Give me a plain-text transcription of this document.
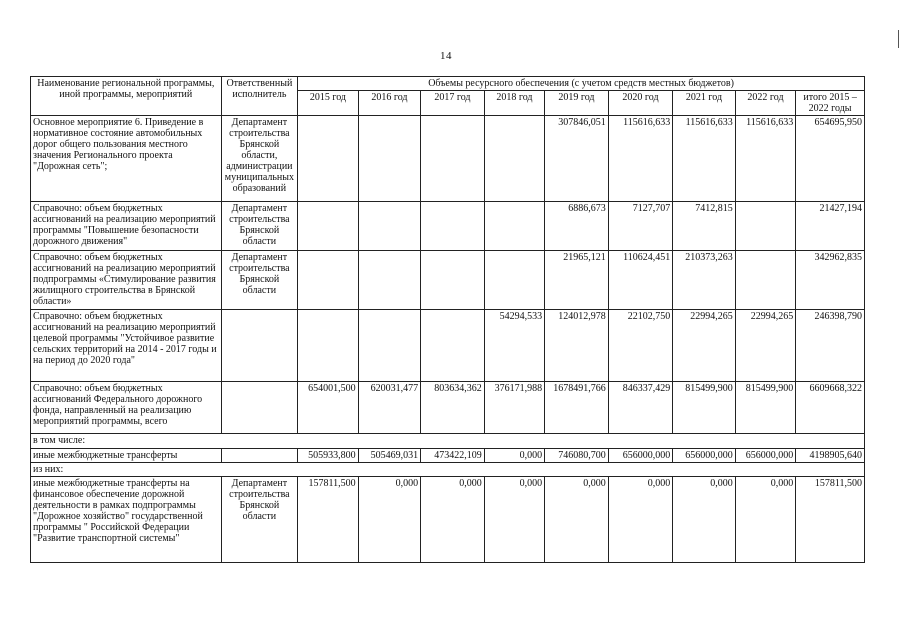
14
Наименование региональной программы, иной программы, мероприятий	Ответственный исполнитель	Объемы ресурсного обеспечения (с учетом средств местных бюджетов)								
		2015 год	2016 год	2017 год	2018 год	2019 год	2020 год	2021 год	2022 год	итого 2015 – 2022 годы
Основное мероприятие 6. Приведение в нормативное состояние автомобильных дорог общего пользования местного значения Регионального проекта "Дорожная сеть";	Департамент строительства Брянской области, администрации муниципальных образований					307846,051	115616,633	115616,633	115616,633	654695,950
Справочно: объем бюджетных ассигнований на реализацию мероприятий программы "Повышение безопасности дорожного движения"	Департамент строительства Брянской области					6886,673	7127,707	7412,815		21427,194
Справочно: объем бюджетных ассигнований на реализацию мероприятий подпрограммы «Стимулирование развития жилищного строительства в Брянской области»	Департамент строительства Брянской области					21965,121	110624,451	210373,263		342962,835
Справочно: объем бюджетных ассигнований на реализацию мероприятий целевой программы "Устойчивое развитие сельских территорий на 2014 - 2017 годы и на период до 2020 года"					54294,533	124012,978	22102,750	22994,265	22994,265	246398,790
Справочно: объем бюджетных ассигнований Федерального дорожного фонда, направленный на реализацию мероприятий программы, всего		654001,500	620031,477	803634,362	376171,988	1678491,766	846337,429	815499,900	815499,900	6609668,322
в том числе:										
иные межбюджетные трансферты		505933,800	505469,031	473422,109	0,000	746080,700	656000,000	656000,000	656000,000	4198905,640
из них:										
иные межбюджетные трансферты на финансовое обеспечение дорожной деятельности в рамках подпрограммы "Дорожное хозяйство" государственной программы " Российской Федерации "Развитие транспортной системы"	Департамент строительства Брянской области	157811,500	0,000	0,000	0,000	0,000	0,000	0,000	0,000	157811,500
